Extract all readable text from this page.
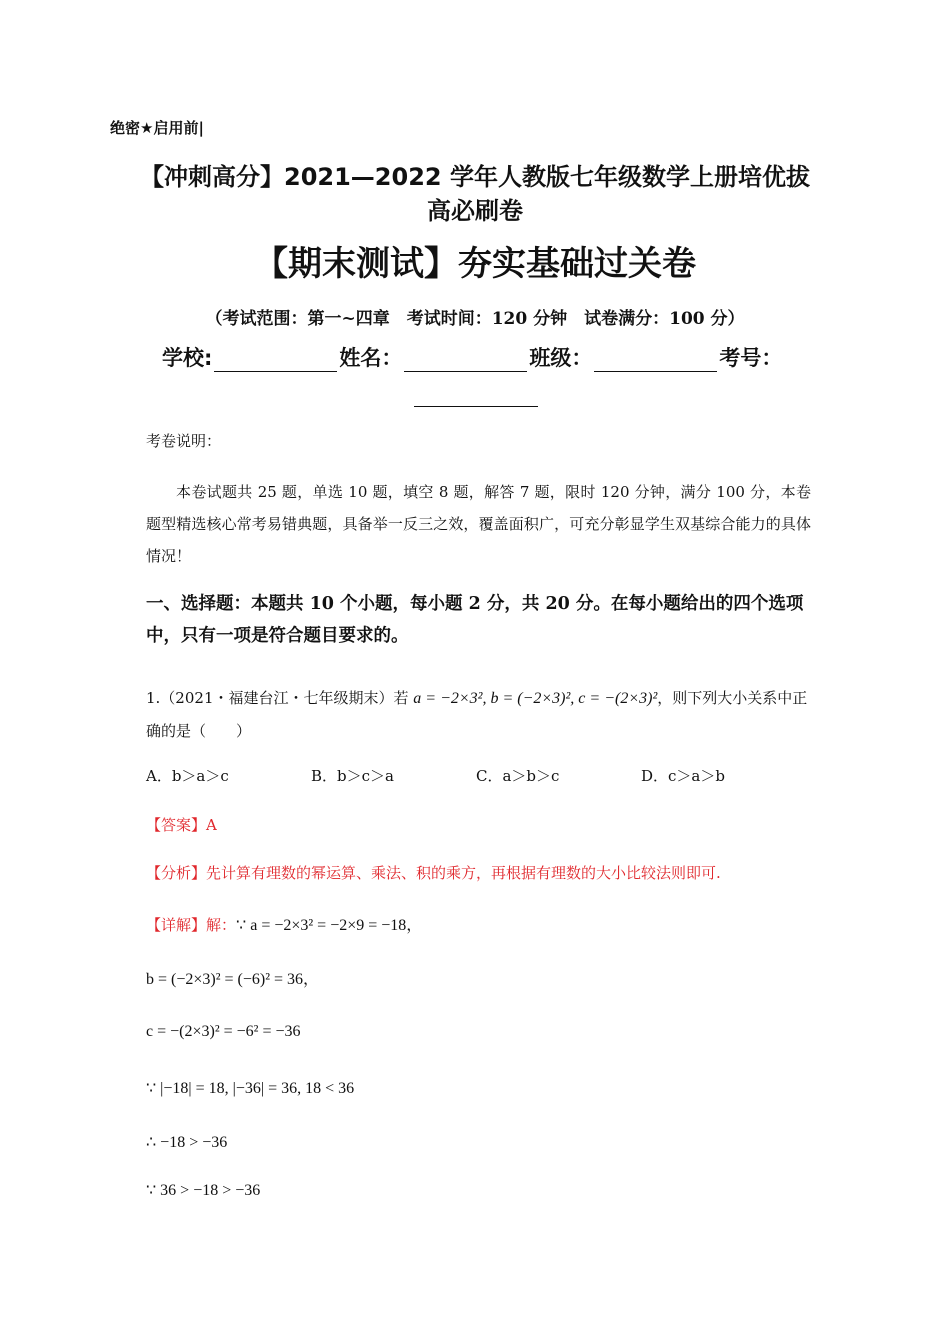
绝密★启用前|
【冲刺高分】2021—2022 学年人教版七年级数学上册培优拔
高必刷卷
【期末测试】夯实基础过关卷
（考试范围：第一~四章　考试时间：120 分钟　试卷满分：100 分）
学校:	姓名：	班级：	考号：
考卷说明：
本卷试题共 25 题，单选 10 题，填空 8 题，解答 7 题，限时 120 分钟，满分 100 分，本卷题型精选核心常考易错典题，具备举一反三之效，覆盖面积广，可充分彰显学生双基综合能力的具体情况！
一、选择题：本题共 10 个小题，每小题 2 分，共 20 分。在每小题给出的四个选项中，只有一项是符合题目要求的。
1.（2021・福建台江・七年级期末）若 a = −2×3², b = (−2×3)², c = −(2×3)²，则下列大小关系中正确的是（　　）
A．b＞a＞c	B．b＞c＞a	C．a＞b＞c	D．c＞a＞b
【答案】A
【分析】先计算有理数的幂运算、乘法、积的乘方，再根据有理数的大小比较法则即可.
【详解】解：∵ a = −2×3² = −2×9 = −18，
b = (−2×3)² = (−6)² = 36，
c = −(2×3)² = −6² = −36
∵ |−18| = 18, |−36| = 36, 18 < 36
∴ −18 > −36
∵ 36 > −18 > −36
